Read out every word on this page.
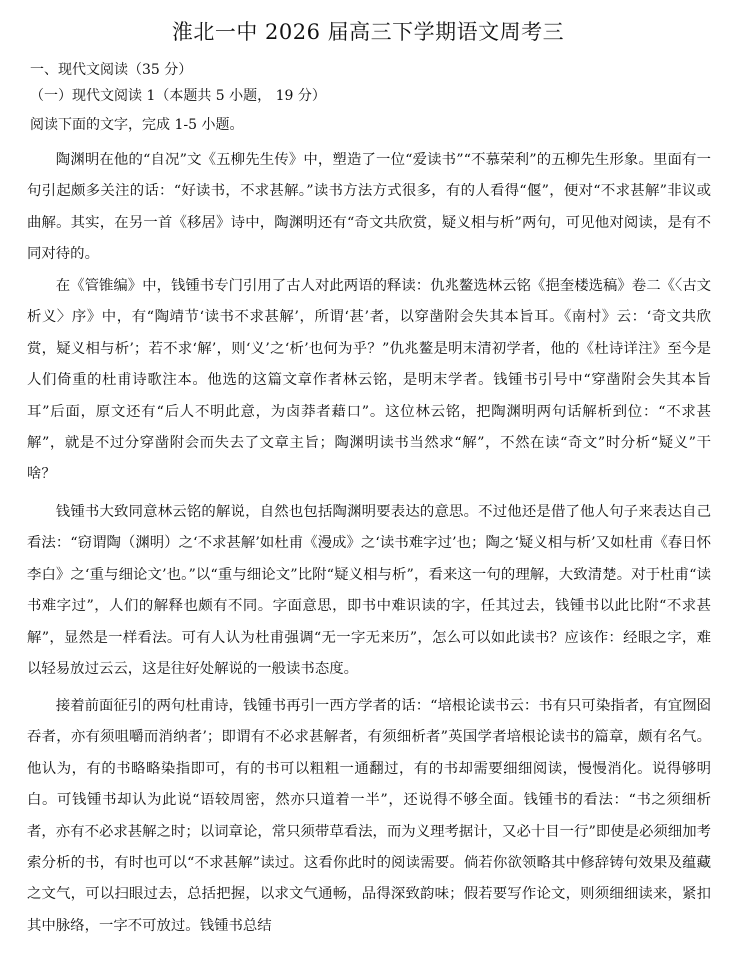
淮北一中 2026 届高三下学期语文周考三
一、现代文阅读（35 分）
（一）现代文阅读 1（本题共 5 小题， 19 分）
阅读下面的文字，完成 1-5 小题。

陶渊明在他的“自况”文《五柳先生传》中，塑造了一位“爱读书”“不慕荣利”的五柳先生形象。里面有一句引起颇多关注的话：“好读书，不求甚解。”读书方法方式很多，有的人看得“偃”，便对“不求甚解”非议或曲解。其实，在另一首《移居》诗中，陶渊明还有“奇文共欣赏，疑义相与析”两句，可见他对阅读，是有不同对待的。

在《管锥编》中，钱锺书专门引用了古人对此两语的释读：仇兆鳌选林云铭《挹奎楼选稿》卷二《〈古文析义〉序》中，有“陶靖节‘读书不求甚解’，所谓‘甚’者，以穿凿附会失其本旨耳。《南村》云：‘奇文共欣赏，疑义相与析’；若不求‘解’，则‘义’之‘析’也何为乎？”仇兆鳌是明末清初学者，他的《杜诗详注》至今是人们倚重的杜甫诗歌注本。他选的这篇文章作者林云铭，是明末学者。钱锺书引号中“穿凿附会失其本旨耳”后面，原文还有“后人不明此意，为卤莽者藉口”。这位林云铭，把陶渊明两句话解析到位：“不求甚解”，就是不过分穿凿附会而失去了文章主旨；陶渊明读书当然求“解”，不然在读“奇文”时分析“疑义”干啥？

钱锺书大致同意林云铭的解说，自然也包括陶渊明要表达的意思。不过他还是借了他人句子来表达自己看法：“窃谓陶（渊明）之‘不求甚解’如杜甫《漫成》之‘读书难字过’也；陶之‘疑义相与析’又如杜甫《春日怀李白》之‘重与细论文’也。”以“重与细论文”比附“疑义相与析”，看来这一句的理解，大致清楚。对于杜甫“读书难字过”，人们的解释也颇有不同。字面意思，即书中难识读的字，任其过去，钱锺书以此比附“不求甚解”，显然是一样看法。可有人认为杜甫强调“无一字无来历”，怎么可以如此读书？应该作：经眼之字，难以轻易放过云云，这是往好处解说的一般读书态度。

接着前面征引的两句杜甫诗，钱锺书再引一西方学者的话：“培根论读书云：书有只可染指者，有宜囫囵吞者，亦有须咀嚼而消纳者’；即谓有不必求甚解者，有须细析者”英国学者培根论读书的篇章，颇有名气。他认为，有的书略略染指即可，有的书可以粗粗一通翻过，有的书却需要细细阅读，慢慢消化。说得够明白。可钱锺书却认为此说“语较周密，然亦只道着一半”，还说得不够全面。钱锺书的看法：“书之须细析者，亦有不必求甚解之时；以词章论，常只须带草看法，而为义理考据计，又必十目一行”即使是必须细加考索分析的书，有时也可以“不求甚解”读过。这看你此时的阅读需要。倘若你欲领略其中修辞铸句效果及蕴藏之文气，可以扫眼过去，总括把握，以求文气通畅，品得深致韵味；假若要写作论文，则须细细读来，紧扣其中脉络，一字不可放过。钱锺书总结
